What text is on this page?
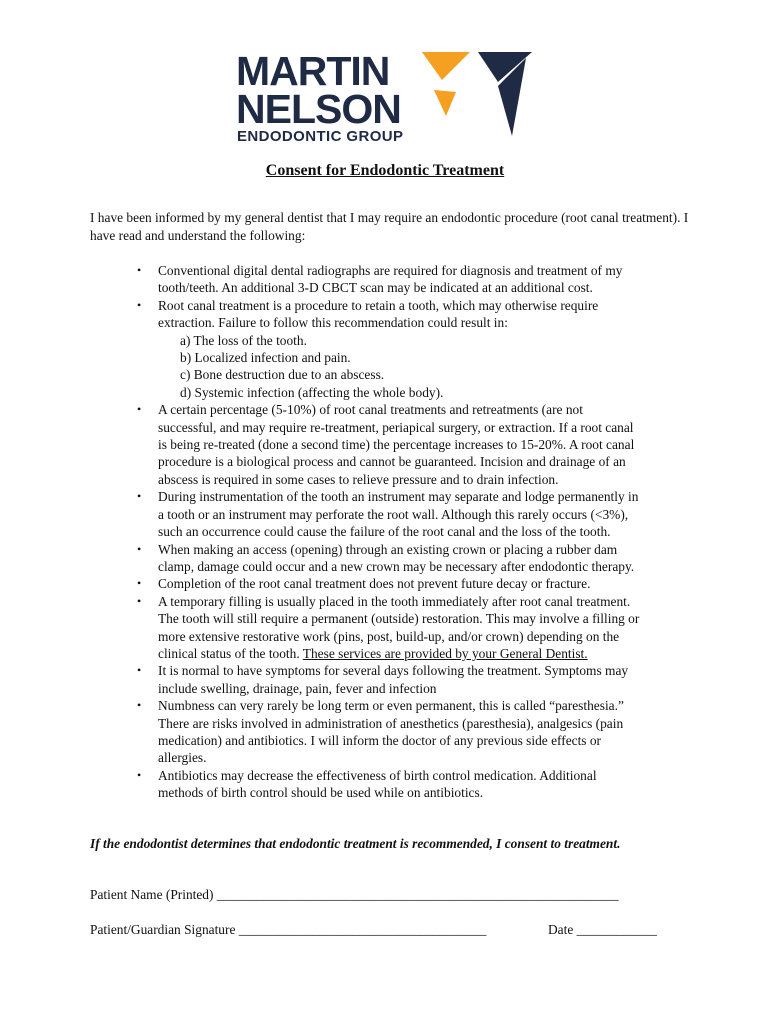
MARTIN
NELSON
ENDODONTIC GROUP
Consent for Endodontic Treatment
I have been informed by my general dentist that I may require an endodontic procedure (root canal treatment). I have read and understand the following:
• Conventional digital dental radiographs are required for diagnosis and treatment of my
tooth/teeth. An additional 3-D CBCT scan may be indicated at an additional cost.
• Root canal treatment is a procedure to retain a tooth, which may otherwise require
extraction. Failure to follow this recommendation could result in:
a) The loss of the tooth.
b) Localized infection and pain.
c) Bone destruction due to an abscess.
d) Systemic infection (affecting the whole body).
• A certain percentage (5-10%) of root canal treatments and retreatments (are not
successful, and may require re-treatment, periapical surgery, or extraction. If a root canal
is being re-treated (done a second time) the percentage increases to 15-20%. A root canal
procedure is a biological process and cannot be guaranteed. Incision and drainage of an
abscess is required in some cases to relieve pressure and to drain infection.
• During instrumentation of the tooth an instrument may separate and lodge permanently in
a tooth or an instrument may perforate the root wall. Although this rarely occurs (<3%),
such an occurrence could cause the failure of the root canal and the loss of the tooth.
• When making an access (opening) through an existing crown or placing a rubber dam
clamp, damage could occur and a new crown may be necessary after endodontic therapy.
• Completion of the root canal treatment does not prevent future decay or fracture.
• A temporary filling is usually placed in the tooth immediately after root canal treatment.
The tooth will still require a permanent (outside) restoration. This may involve a filling or
more extensive restorative work (pins, post, build-up, and/or crown) depending on the
clinical status of the tooth. These services are provided by your General Dentist.
• It is normal to have symptoms for several days following the treatment. Symptoms may
include swelling, drainage, pain, fever and infection
• Numbness can very rarely be long term or even permanent, this is called “paresthesia.”
There are risks involved in administration of anesthetics (paresthesia), analgesics (pain
medication) and antibiotics. I will inform the doctor of any previous side effects or
allergies.
• Antibiotics may decrease the effectiveness of birth control medication. Additional
methods of birth control should be used while on antibiotics.
If the endodontist determines that endodontic treatment is recommended, I consent to treatment.
Patient Name (Printed) ____________________________________________________________
Patient/Guardian Signature _____________________________________	Date ____________
